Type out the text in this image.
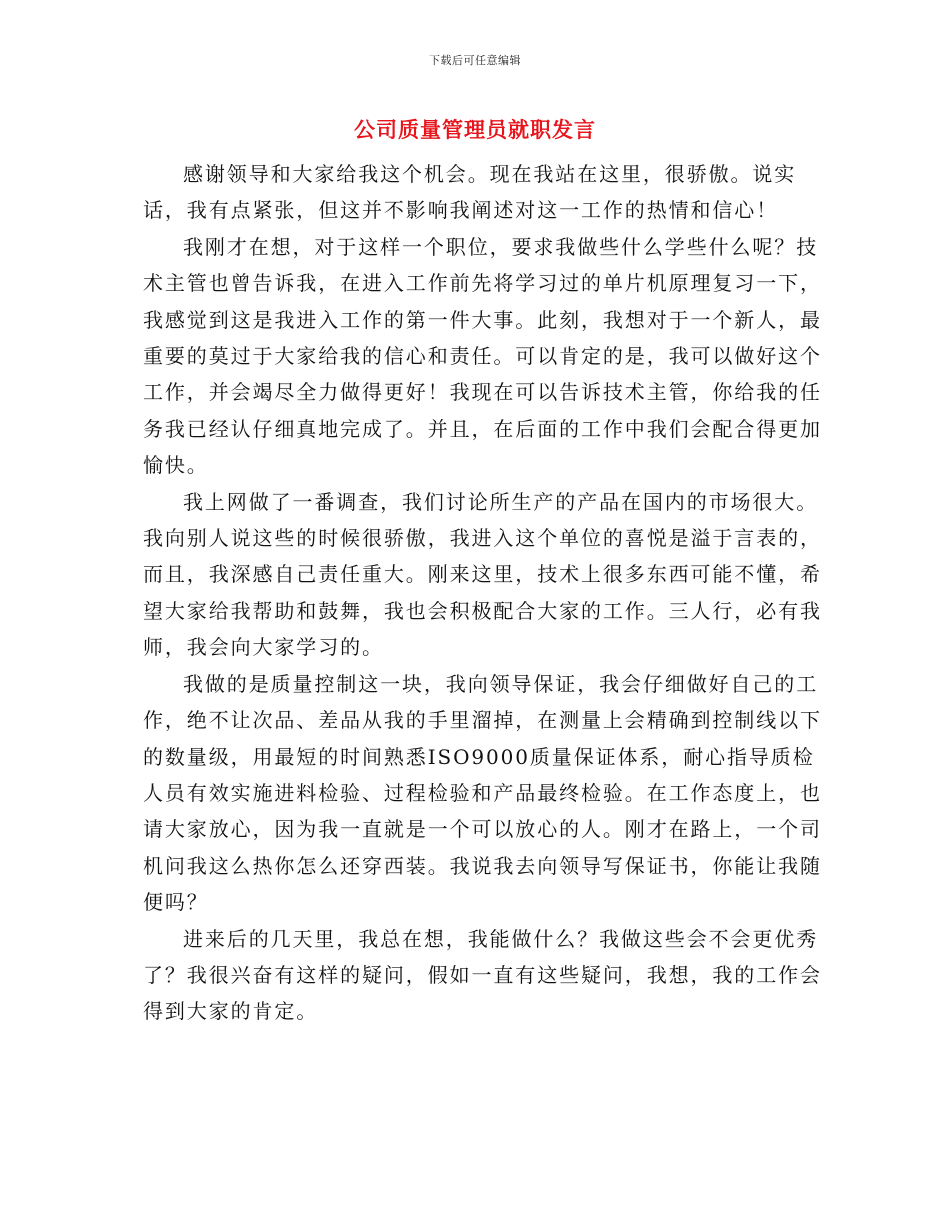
下载后可任意编辑
公司质量管理员就职发言

感谢领导和大家给我这个机会。现在我站在这里，很骄傲。说实话，我有点紧张，但这并不影响我阐述对这一工作的热情和信心！

我刚才在想，对于这样一个职位，要求我做些什么学些什么呢？技术主管也曾告诉我，在进入工作前先将学习过的单片机原理复习一下，我感觉到这是我进入工作的第一件大事。此刻，我想对于一个新人，最重要的莫过于大家给我的信心和责任。可以肯定的是，我可以做好这个工作，并会竭尽全力做得更好！我现在可以告诉技术主管，你给我的任务我已经认仔细真地完成了。并且，在后面的工作中我们会配合得更加愉快。

我上网做了一番调查，我们讨论所生产的产品在国内的市场很大。我向别人说这些的时候很骄傲，我进入这个单位的喜悦是溢于言表的，而且，我深感自己责任重大。刚来这里，技术上很多东西可能不懂，希望大家给我帮助和鼓舞，我也会积极配合大家的工作。三人行，必有我师，我会向大家学习的。

我做的是质量控制这一块，我向领导保证，我会仔细做好自己的工作，绝不让次品、差品从我的手里溜掉，在测量上会精确到控制线以下的数量级，用最短的时间熟悉ISO9000质量保证体系，耐心指导质检人员有效实施进料检验、过程检验和产品最终检验。在工作态度上，也请大家放心，因为我一直就是一个可以放心的人。刚才在路上，一个司机问我这么热你怎么还穿西装。我说我去向领导写保证书，你能让我随便吗？

进来后的几天里，我总在想，我能做什么？我做这些会不会更优秀了？我很兴奋有这样的疑问，假如一直有这些疑问，我想，我的工作会得到大家的肯定。
